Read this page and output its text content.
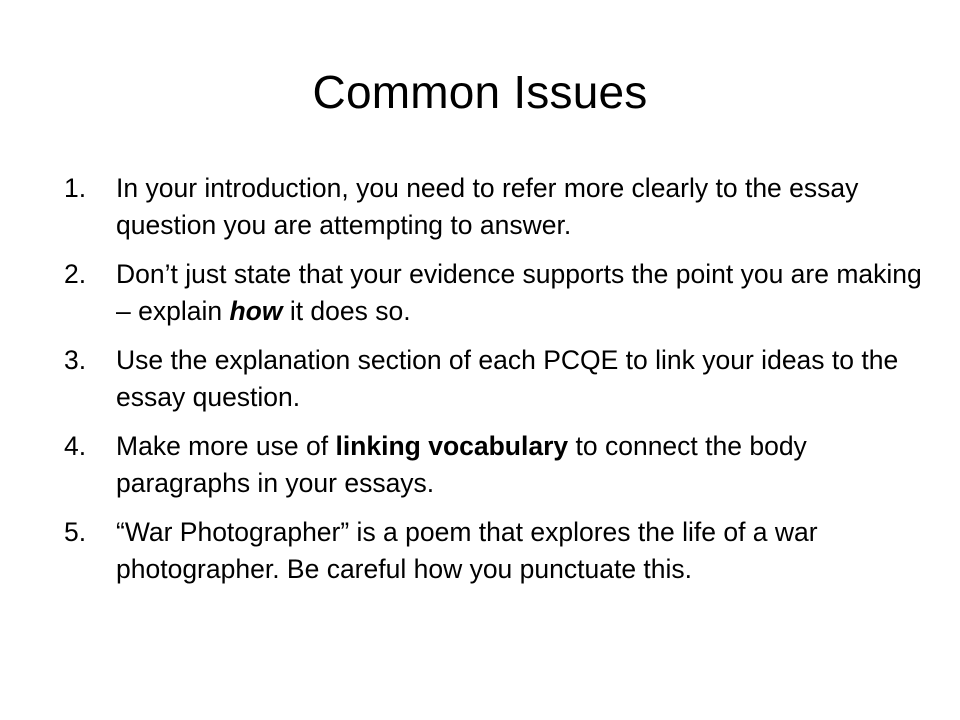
Common Issues
1. In your introduction, you need to refer more clearly to the essay question you are attempting to answer.
2. Don’t just state that your evidence supports the point you are making – explain how it does so.
3. Use the explanation section of each PCQE to link your ideas to the essay question.
4. Make more use of linking vocabulary to connect the body paragraphs in your essays.
5. “War Photographer” is a poem that explores the life of a war photographer. Be careful how you punctuate this.
